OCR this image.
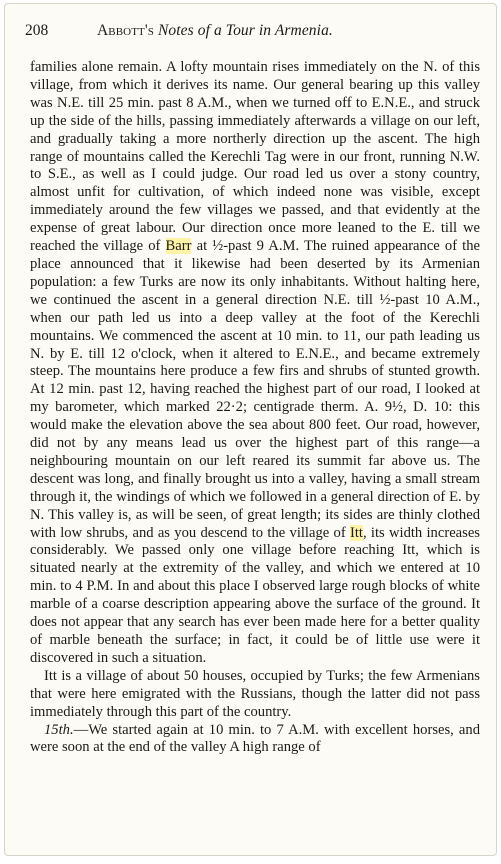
208	Abbott's Notes of a Tour in Armenia.

families alone remain. A lofty mountain rises immediately on the N. of this village, from which it derives its name. Our general bearing up this valley was N.E. till 25 min. past 8 A.M., when we turned off to E.N.E., and struck up the side of the hills, passing immediately afterwards a village on our left, and gradually taking a more northerly direction up the ascent. The high range of mountains called the Kerechli Tag were in our front, running N.W. to S.E., as well as I could judge. Our road led us over a stony country, almost unfit for cultivation, of which indeed none was visible, except immediately around the few villages we passed, and that evidently at the expense of great labour. Our direction once more leaned to the E. till we reached the village of Barr at ½-past 9 A.M. The ruined appearance of the place announced that it likewise had been deserted by its Armenian population: a few Turks are now its only inhabitants. Without halting here, we continued the ascent in a general direction N.E. till ½-past 10 A.M., when our path led us into a deep valley at the foot of the Kerechli mountains. We commenced the ascent at 10 min. to 11, our path leading us N. by E. till 12 o'clock, when it altered to E.N.E., and became extremely steep. The mountains here produce a few firs and shrubs of stunted growth. At 12 min. past 12, having reached the highest part of our road, I looked at my barometer, which marked 22·2; centigrade therm. A. 9½, D. 10: this would make the elevation above the sea about 800 feet. Our road, however, did not by any means lead us over the highest part of this range—a neighbouring mountain on our left reared its summit far above us. The descent was long, and finally brought us into a valley, having a small stream through it, the windings of which we followed in a general direction of E. by N. This valley is, as will be seen, of great length; its sides are thinly clothed with low shrubs, and as you descend to the village of Itt, its width increases considerably. We passed only one village before reaching Itt, which is situated nearly at the extremity of the valley, and which we entered at 10 min. to 4 P.M. In and about this place I observed large rough blocks of white marble of a coarse description appearing above the surface of the ground. It does not appear that any search has ever been made here for a better quality of marble beneath the surface; in fact, it could be of little use were it discovered in such a situation.

Itt is a village of about 50 houses, occupied by Turks; the few Armenians that were here emigrated with the Russians, though the latter did not pass immediately through this part of the country.

15th.—We started again at 10 min. to 7 A.M. with excellent horses, and were soon at the end of the valley A high range of
